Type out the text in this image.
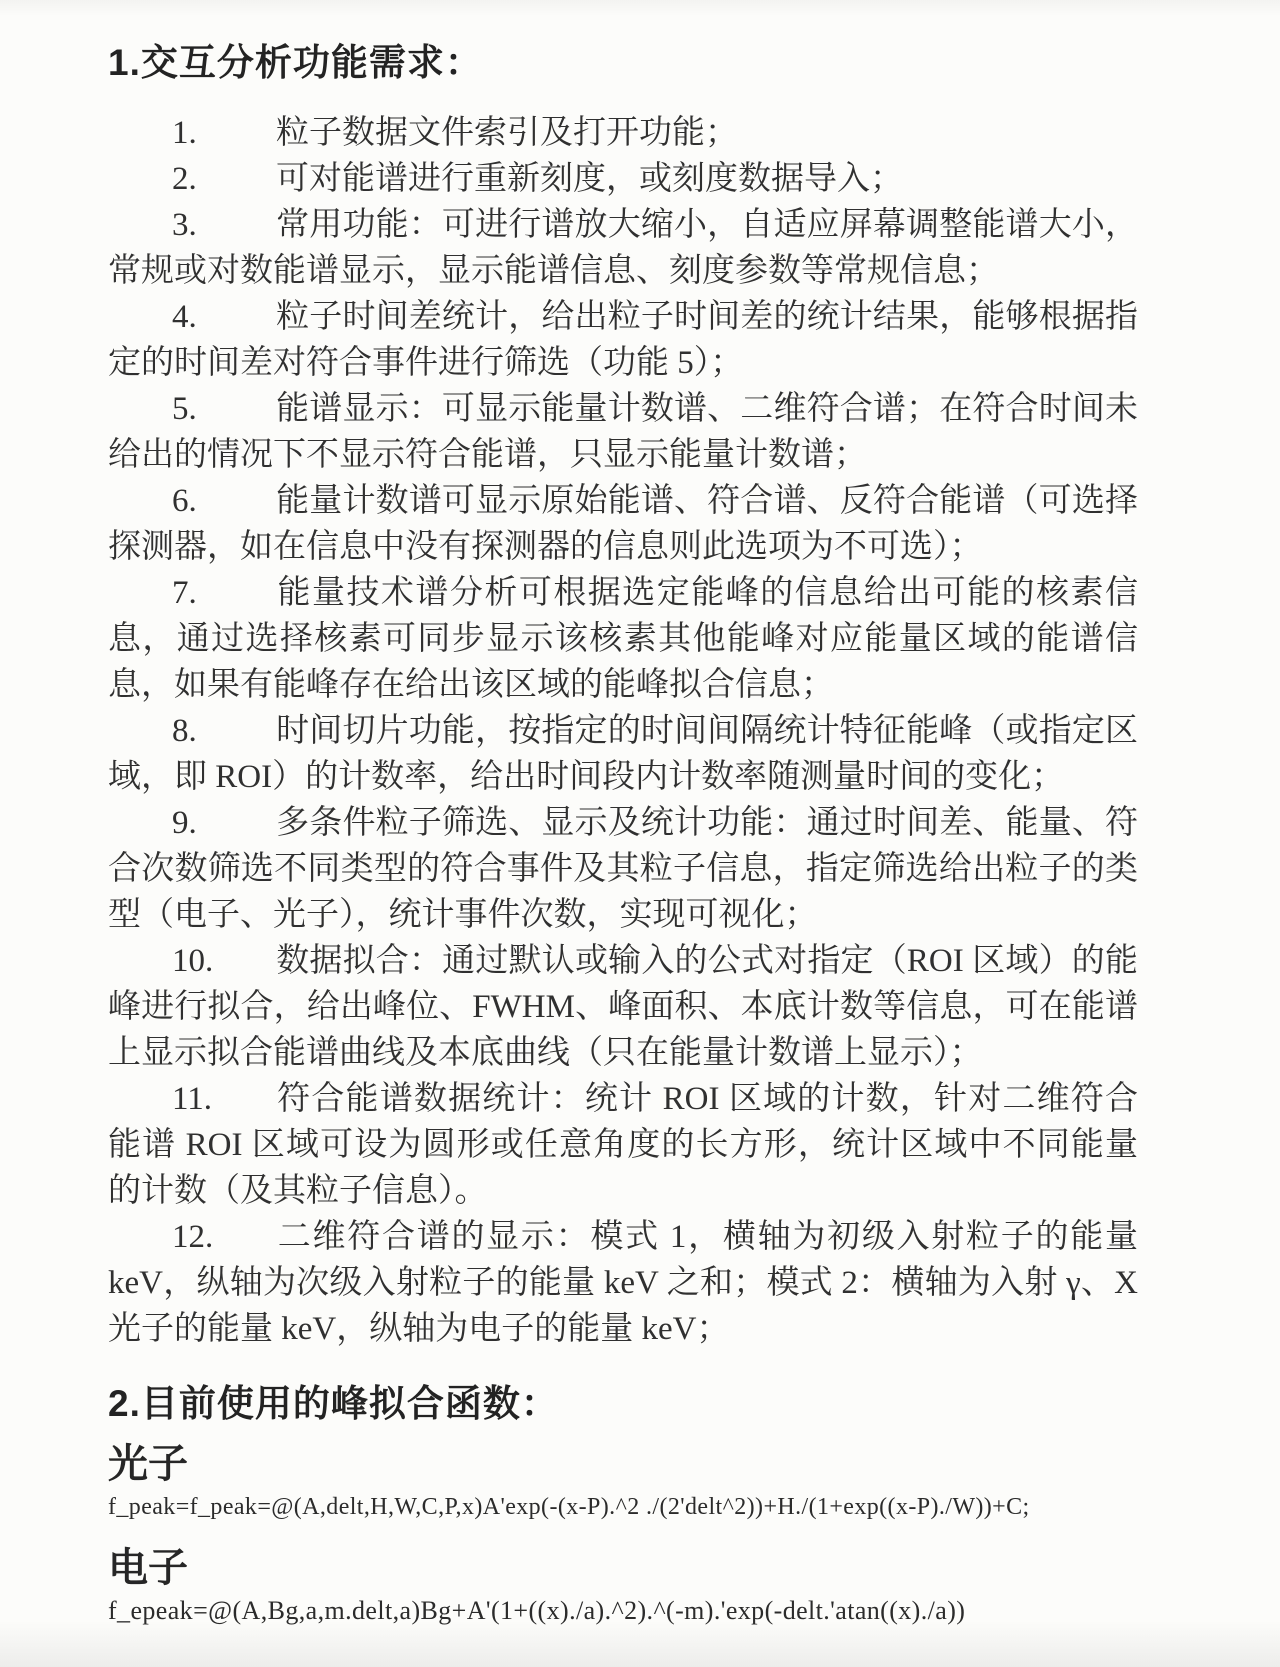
1.交互分析功能需求：

1. 粒子数据文件索引及打开功能；

2. 可对能谱进行重新刻度，或刻度数据导入；

3. 常用功能：可进行谱放大缩小，自适应屏幕调整能谱大小，常规或对数能谱显示，显示能谱信息、刻度参数等常规信息；

4. 粒子时间差统计，给出粒子时间差的统计结果，能够根据指定的时间差对符合事件进行筛选（功能 5）；

5. 能谱显示：可显示能量计数谱、二维符合谱；在符合时间未给出的情况下不显示符合能谱，只显示能量计数谱；

6. 能量计数谱可显示原始能谱、符合谱、反符合能谱（可选择探测器，如在信息中没有探测器的信息则此选项为不可选）；

7. 能量技术谱分析可根据选定能峰的信息给出可能的核素信息，通过选择核素可同步显示该核素其他能峰对应能量区域的能谱信息，如果有能峰存在给出该区域的能峰拟合信息；

8. 时间切片功能，按指定的时间间隔统计特征能峰（或指定区域，即 ROI）的计数率，给出时间段内计数率随测量时间的变化；

9. 多条件粒子筛选、显示及统计功能：通过时间差、能量、符合次数筛选不同类型的符合事件及其粒子信息，指定筛选给出粒子的类型（电子、光子），统计事件次数，实现可视化；

10. 数据拟合：通过默认或输入的公式对指定（ROI 区域）的能峰进行拟合，给出峰位、FWHM、峰面积、本底计数等信息，可在能谱上显示拟合能谱曲线及本底曲线（只在能量计数谱上显示）；

11. 符合能谱数据统计：统计 ROI 区域的计数，针对二维符合能谱 ROI 区域可设为圆形或任意角度的长方形，统计区域中不同能量的计数（及其粒子信息）。

12. 二维符合谱的显示：模式 1，横轴为初级入射粒子的能量 keV，纵轴为次级入射粒子的能量 keV 之和；模式 2：横轴为入射 γ、X 光子的能量 keV，纵轴为电子的能量 keV；

2.目前使用的峰拟合函数：
光子

f_peak=f_peak=@(A,delt,H,W,C,P,x)A'exp(-(x-P).^2 ./(2'delt^2))+H./(1+exp((x-P)./W))+C;

电子

f_epeak=@(A,Bg,a,m.delt,a)Bg+A'(1+((x)./a).^2).^(-m).'exp(-delt.'atan((x)./a))
